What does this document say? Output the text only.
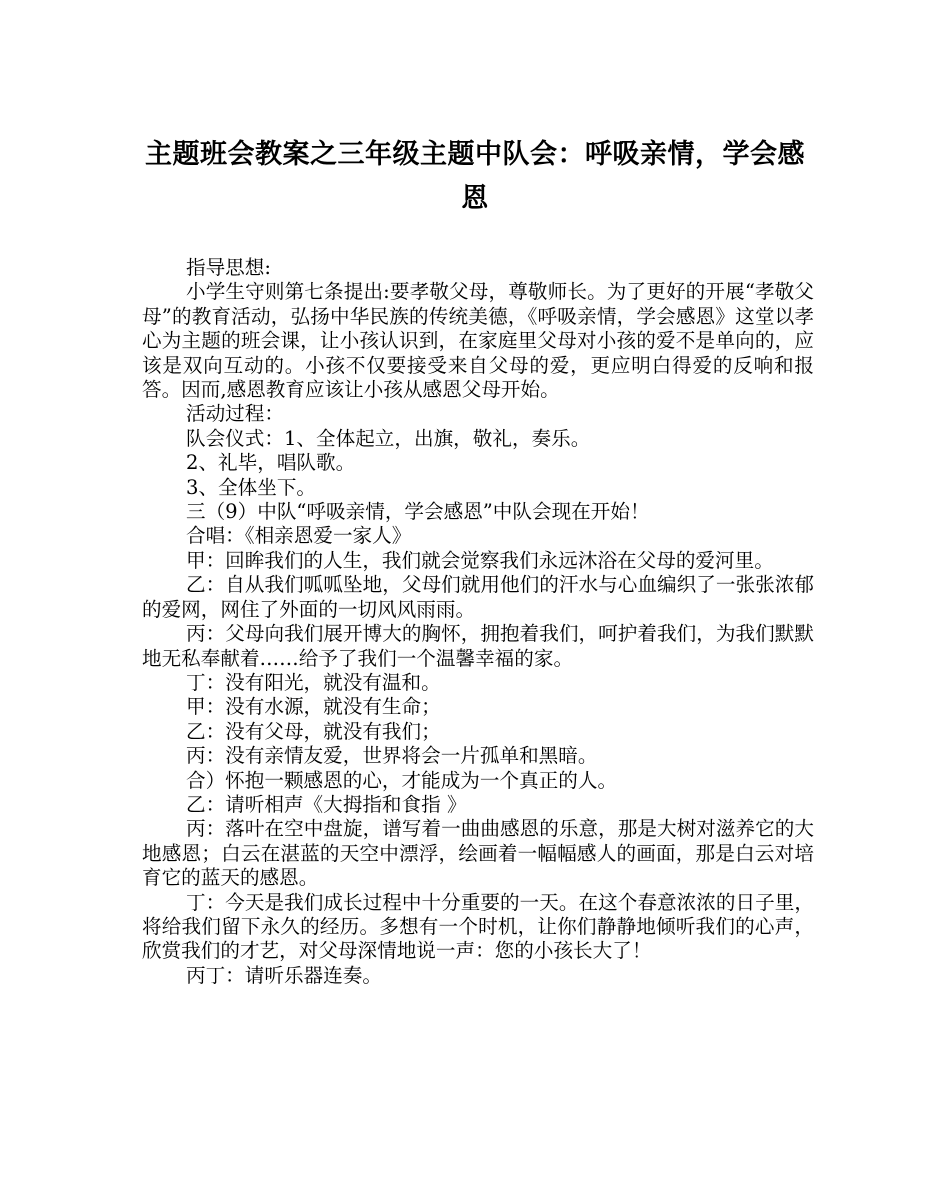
主题班会教案之三年级主题中队会：呼吸亲情，学会感恩

指导思想:

小学生守则第七条提出:要孝敬父母，尊敬师长。为了更好的开展“孝敬父母”的教育活动，弘扬中华民族的传统美德，《呼吸亲情，学会感恩》这堂以孝心为主题的班会课，让小孩认识到，在家庭里父母对小孩的爱不是单向的，应该是双向互动的。小孩不仅要接受来自父母的爱，更应明白得爱的反响和报答。因而,感恩教育应该让小孩从感恩父母开始。

活动过程：

队会仪式：1、全体起立，出旗，敬礼，奏乐。

2、礼毕，唱队歌。

3、全体坐下。

三（9）中队“呼吸亲情，学会感恩”中队会现在开始！

合唱：《相亲恩爱一家人》

甲：回眸我们的人生，我们就会觉察我们永远沐浴在父母的爱河里。

乙：自从我们呱呱坠地，父母们就用他们的汗水与心血编织了一张张浓郁的爱网，网住了外面的一切风风雨雨。

丙：父母向我们展开博大的胸怀，拥抱着我们，呵护着我们，为我们默默地无私奉献着……给予了我们一个温馨幸福的家。

丁：没有阳光，就没有温和。

甲：没有水源，就没有生命；

乙：没有父母，就没有我们；

丙：没有亲情友爱，世界将会一片孤单和黑暗。

合）怀抱一颗感恩的心，才能成为一个真正的人。

乙：请听相声《大拇指和食指 》

丙：落叶在空中盘旋，谱写着一曲曲感恩的乐意，那是大树对滋养它的大地感恩；白云在湛蓝的天空中漂浮，绘画着一幅幅感人的画面，那是白云对培育它的蓝天的感恩。

丁：今天是我们成长过程中十分重要的一天。在这个春意浓浓的日子里，将给我们留下永久的经历。多想有一个时机，让你们静静地倾听我们的心声，欣赏我们的才艺，对父母深情地说一声：您的小孩长大了！

丙丁：请听乐器连奏。
